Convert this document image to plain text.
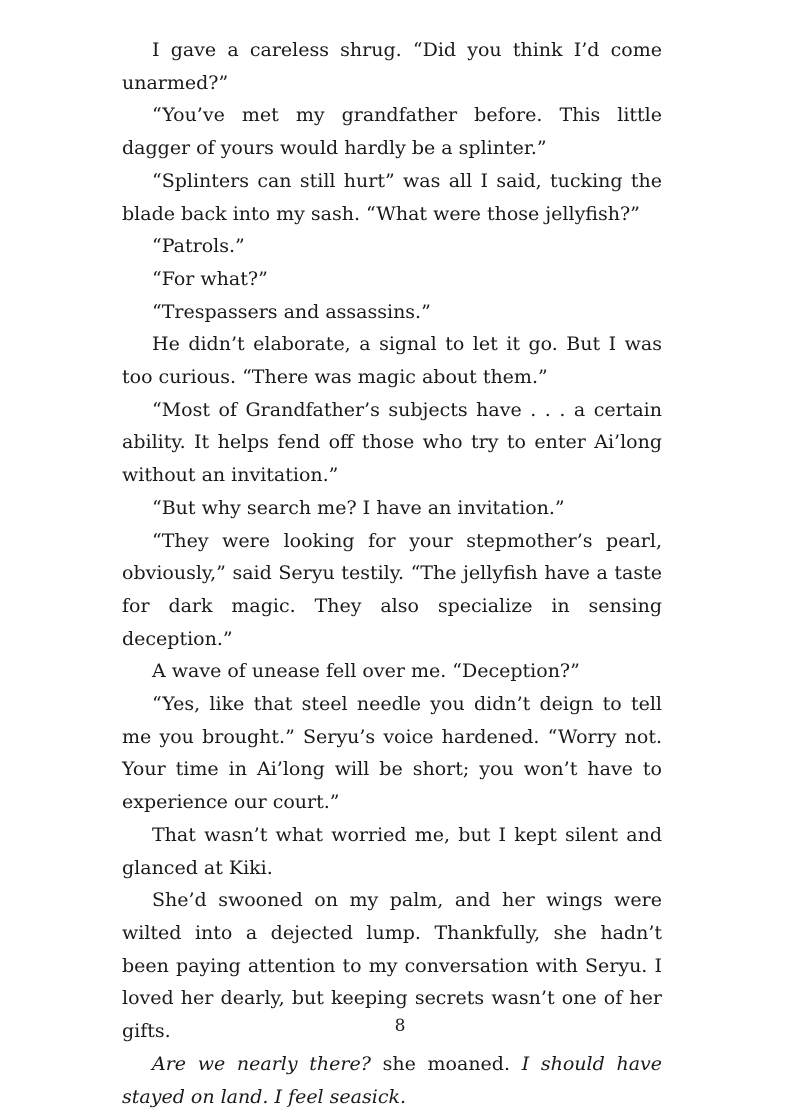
I gave a careless shrug. “Did you think I’d come unarmed?”

“You’ve met my grandfather before. This little dagger of yours would hardly be a splinter.”

“Splinters can still hurt” was all I said, tucking the blade back into my sash. “What were those jellyfish?”

“Patrols.”

“For what?”

“Trespassers and assassins.”

He didn’t elaborate, a signal to let it go. But I was too curious. “There was magic about them.”

“Most of Grandfather’s subjects have . . . a certain ability. It helps fend off those who try to enter Ai’long without an invitation.”

“But why search me? I have an invitation.”

“They were looking for your stepmother’s pearl, obviously,” said Seryu testily. “The jellyfish have a taste for dark magic. They also specialize in sensing deception.”

A wave of unease fell over me. “Deception?”

“Yes, like that steel needle you didn’t deign to tell me you brought.” Seryu’s voice hardened. “Worry not. Your time in Ai’long will be short; you won’t have to experience our court.”

That wasn’t what worried me, but I kept silent and glanced at Kiki.

She’d swooned on my palm, and her wings were wilted into a dejected lump. Thankfully, she hadn’t been paying attention to my conversation with Seryu. I loved her dearly, but keeping secrets wasn’t one of her gifts.

Are we nearly there? she moaned. I should have stayed on land. I feel seasick.

8
